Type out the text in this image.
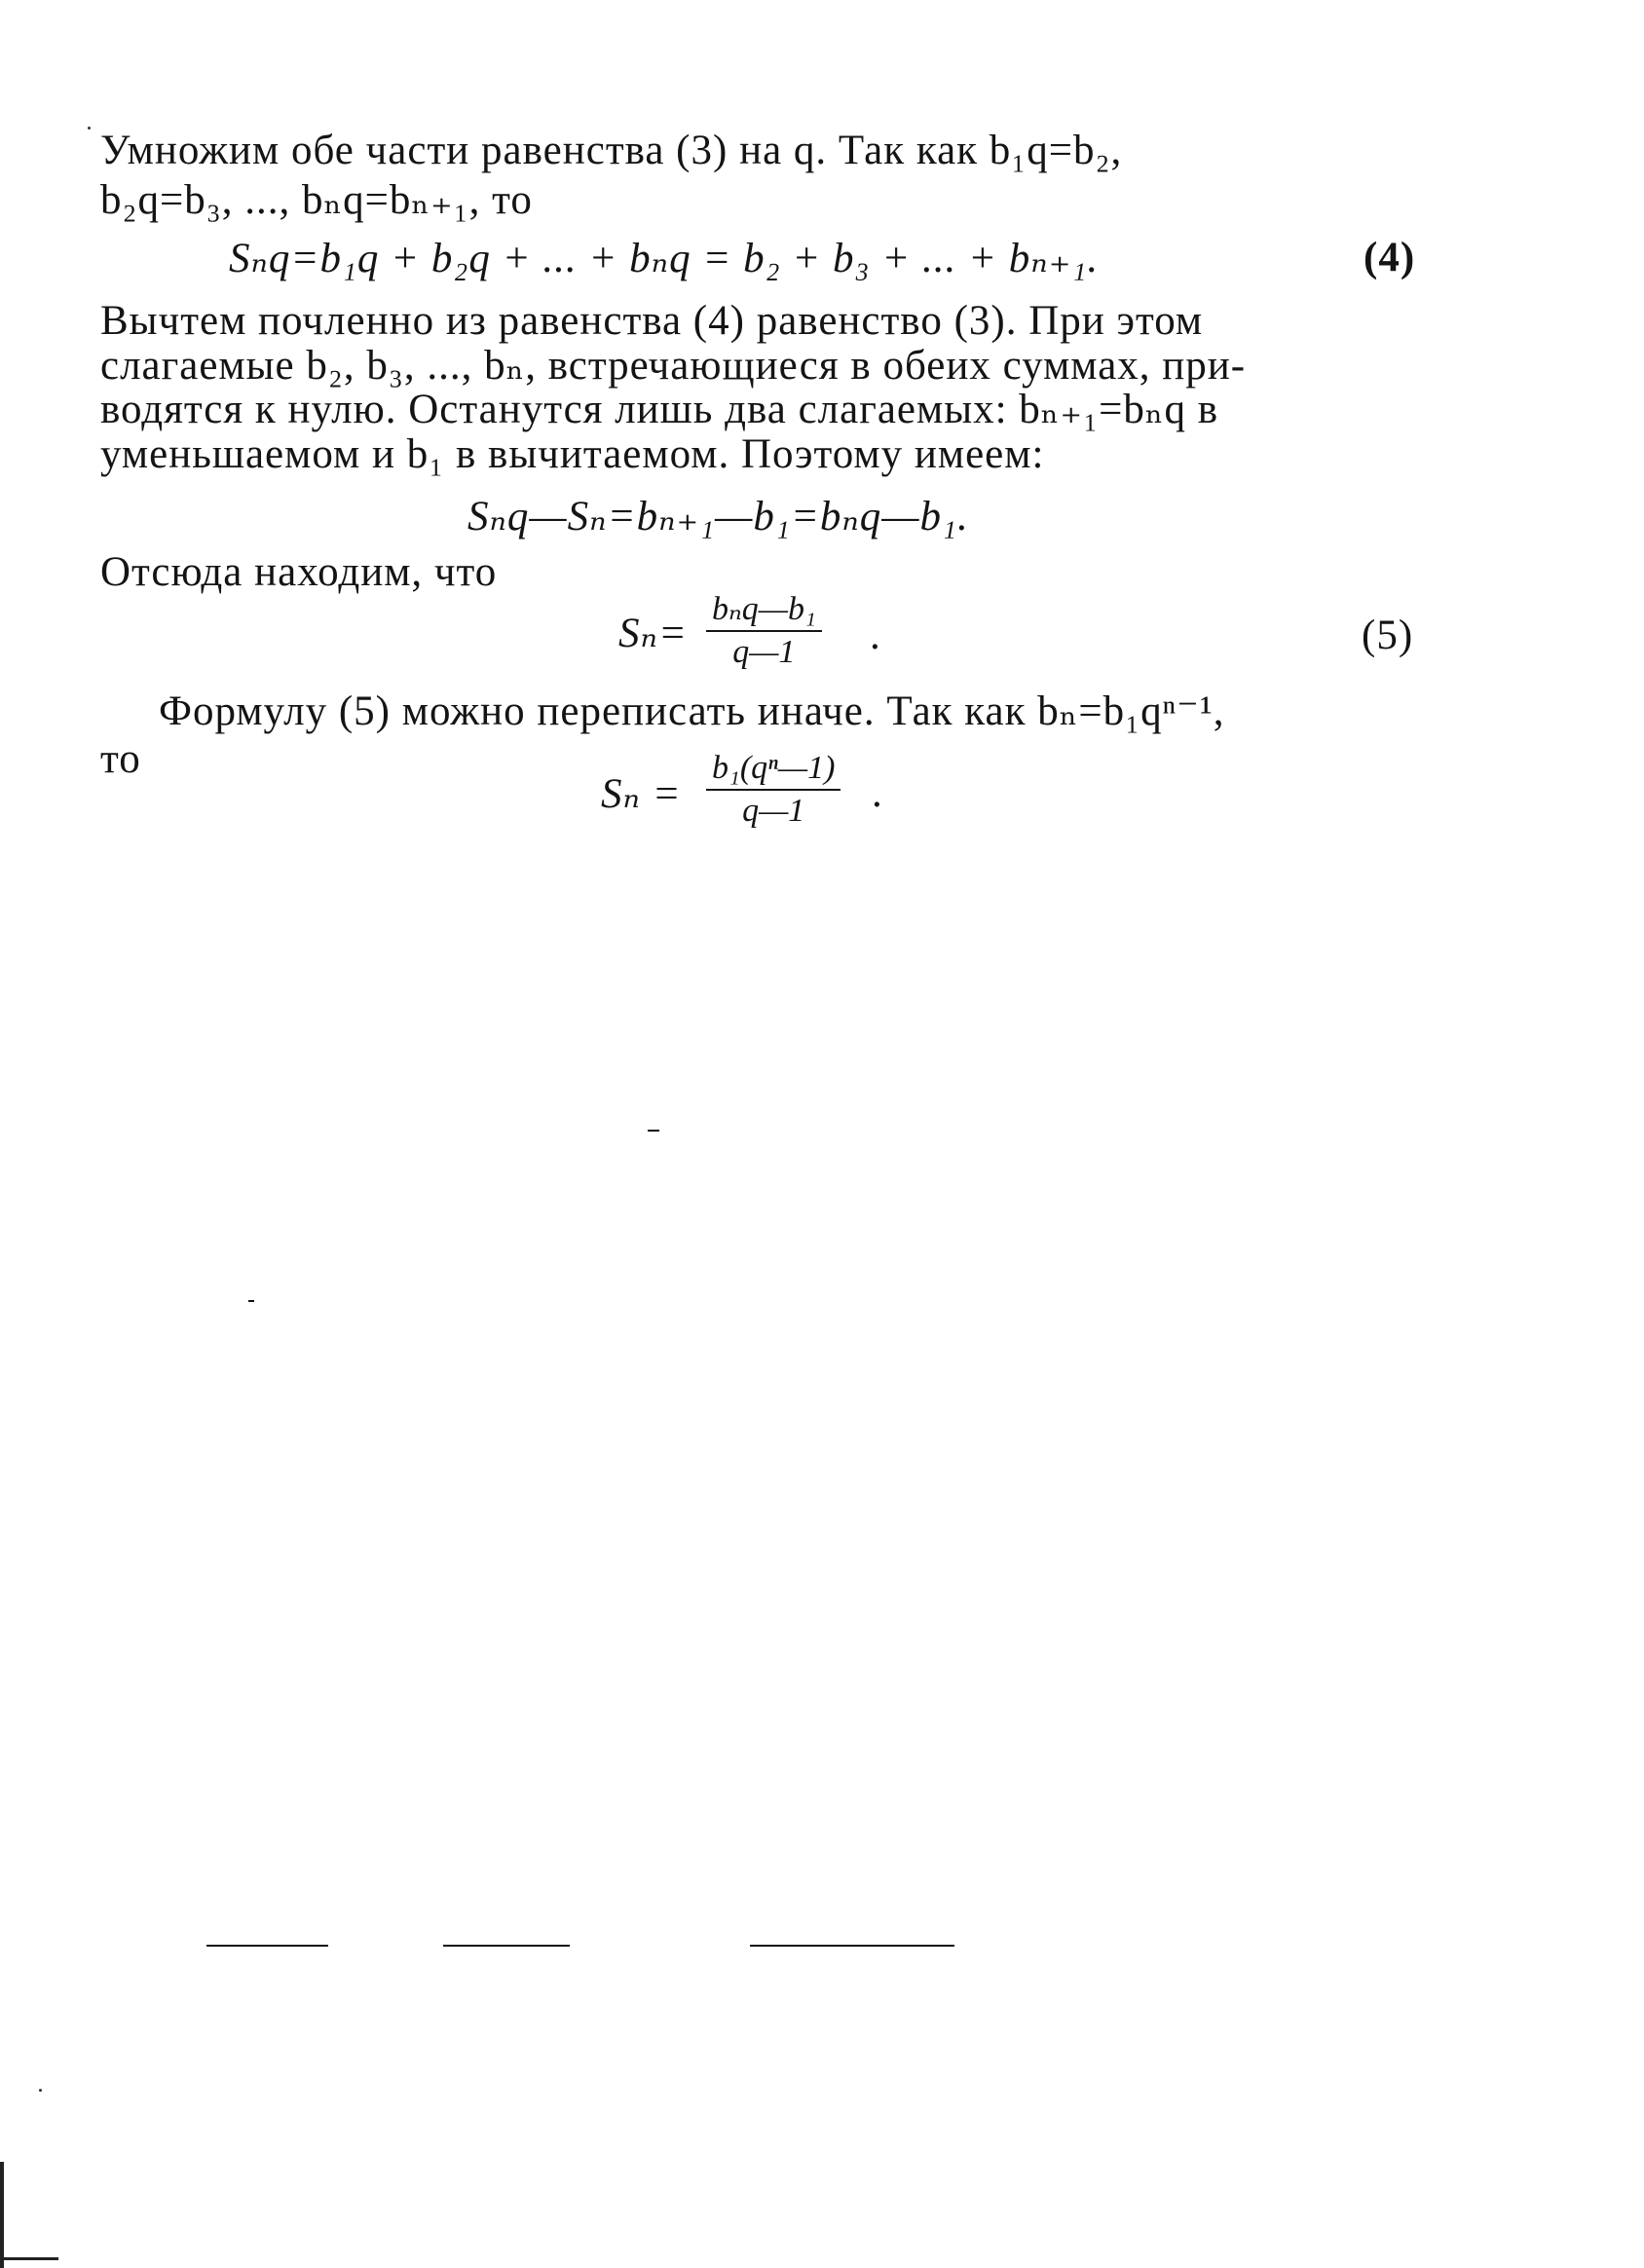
Умножим обе части равенства (3) на q. Так как b₁q=b₂,

b₂q=b₃, ..., bₙq=bₙ₊₁, то

Sₙq=b₁q + b₂q + ... + bₙq = b₂ + b₃ + ... + bₙ₊₁.	(4)

Вычтем почленно из равенства (4) равенство (3). При этом

слагаемые b₂, b₃, ..., bₙ, встречающиеся в обеих суммах, при-

водятся к нулю. Останутся лишь два слагаемых: bₙ₊₁=bₙq в

уменьшаемом и b₁ в вычитаемом. Поэтому имеем:

Sₙq—Sₙ=bₙ₊₁—b₁=bₙq—b₁.

Отсюда находим, что

Sₙ=

bₙq—b₁
q—1	.	(5)

Формулу (5) можно переписать иначе. Так как bₙ=b₁qⁿ⁻¹,

то

$S_n = \frac{\text{b₁(qⁿ—1)}}{q—1}$ .
